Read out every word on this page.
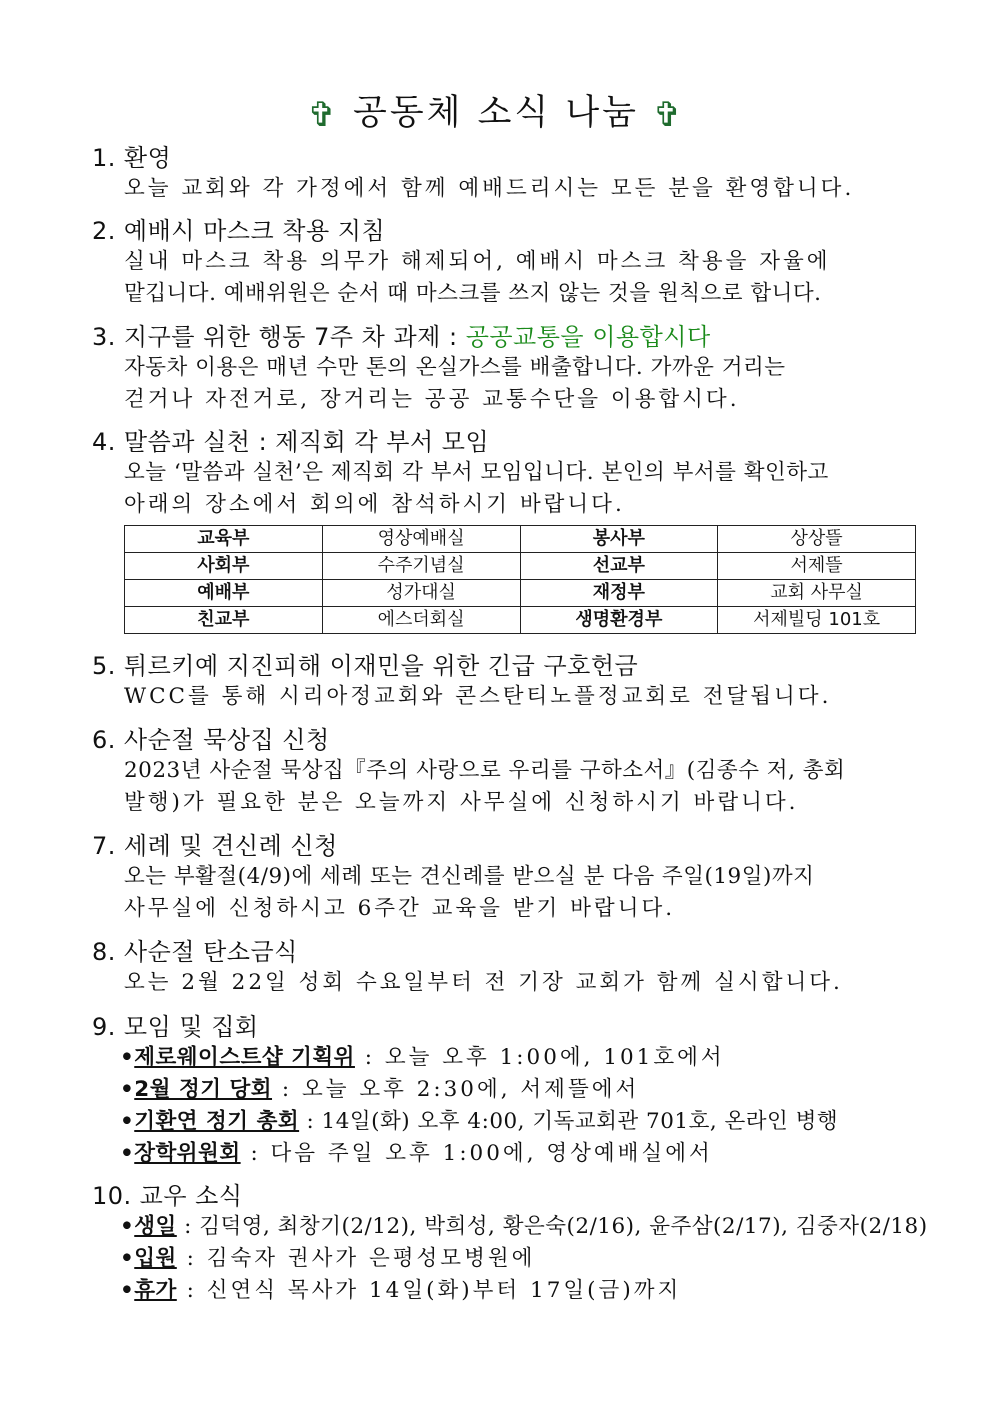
✞ 공동체 소식 나눔 ✞
1. 환영
오늘 교회와 각 가정에서 함께 예배드리시는 모든 분을 환영합니다.
2. 예배시 마스크 착용 지침
실내 마스크 착용 의무가 해제되어, 예배시 마스크 착용을 자율에
맡깁니다. 예배위원은 순서 때 마스크를 쓰지 않는 것을 원칙으로 합니다.
3. 지구를 위한 행동 7주 차 과제 : 공공교통을 이용합시다
자동차 이용은 매년 수만 톤의 온실가스를 배출합니다. 가까운 거리는
걷거나 자전거로, 장거리는 공공 교통수단을 이용합시다.
4. 말씀과 실천 : 제직회 각 부서 모임
오늘 ‘말씀과 실천’은 제직회 각 부서 모임입니다. 본인의 부서를 확인하고
아래의 장소에서 회의에 참석하시기 바랍니다.
교육부	영상예배실	봉사부	상상뜰
사회부	수주기념실	선교부	서제뜰
예배부	성가대실	재정부	교회 사무실
친교부	에스더회실	생명환경부	서제빌딩 101호
5. 튀르키예 지진피해 이재민을 위한 긴급 구호헌금
WCC를 통해 시리아정교회와 콘스탄티노플정교회로 전달됩니다.
6. 사순절 묵상집 신청
2023년 사순절 묵상집『주의 사랑으로 우리를 구하소서』(김종수 저, 총회
발행)가 필요한 분은 오늘까지 사무실에 신청하시기 바랍니다.
7. 세례 및 견신례 신청
오는 부활절(4/9)에 세례 또는 견신례를 받으실 분 다음 주일(19일)까지
사무실에 신청하시고 6주간 교육을 받기 바랍니다.
8. 사순절 탄소금식
오는 2월 22일 성회 수요일부터 전 기장 교회가 함께 실시합니다.
9. 모임 및 집회
•제로웨이스트샵 기획위 : 오늘 오후 1:00에, 101호에서
•2월 정기 당회 : 오늘 오후 2:30에, 서제뜰에서
•기환연 정기 총회 : 14일(화) 오후 4:00, 기독교회관 701호, 온라인 병행
•장학위원회 : 다음 주일 오후 1:00에, 영상예배실에서
10. 교우 소식
•생일 : 김덕영, 최창기(2/12), 박희성, 황은숙(2/16), 윤주삼(2/17), 김중자(2/18)
•입원 : 김숙자 권사가 은평성모병원에
•휴가 : 신연식 목사가 14일(화)부터 17일(금)까지
